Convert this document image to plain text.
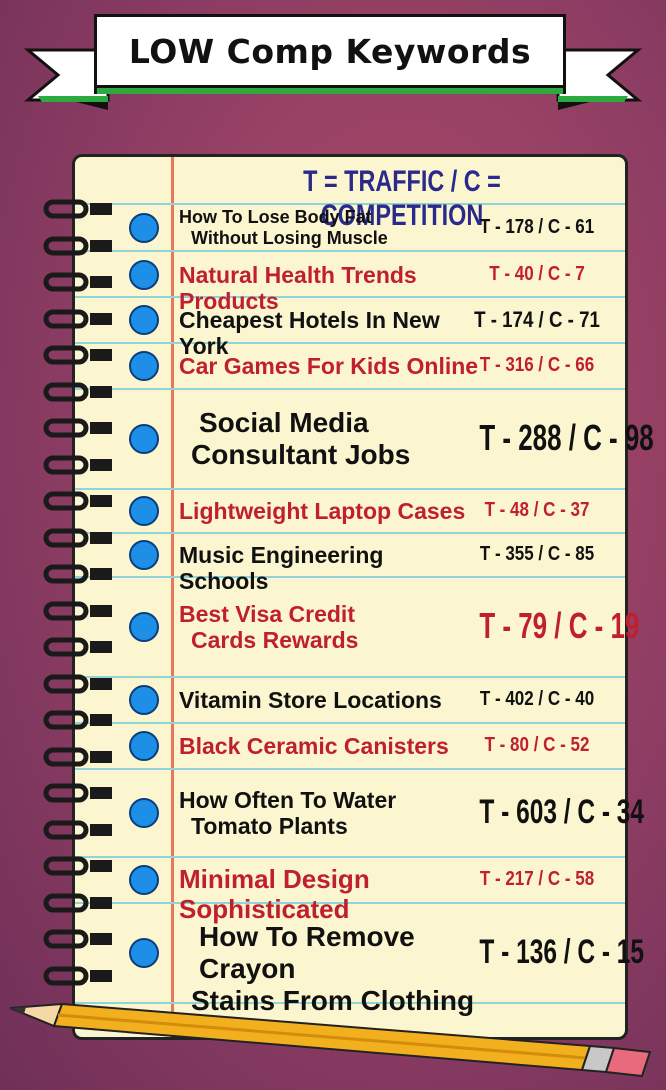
LOW Comp Keywords
T = TRAFFIC / C = COMPETITION
How To Lose Body Fat
Without Losing Muscle	T - 178 / C - 61
Natural Health Trends Products
T - 40 / C - 7
Cheapest Hotels In New York
T - 174 / C - 71
Car Games For Kids Online T - 316 / C - 66
Social Media
Consultant Jobs	T - 288 / C - 98
Lightweight Laptop Cases T - 48 / C - 37
Music Engineering Schools
T - 355 / C - 85
Best Visa Credit
Cards Rewards	T - 79 / C - 19
Vitamin Store Locations	T - 402 / C - 40
Black Ceramic Canisters	T - 80 / C - 52
How Often To Water
Tomato Plants	T - 603 / C - 34
Minimal Design Sophisticated
T - 217 / C - 58
How To Remove Crayon
Stains From Clothing
T - 136 / C - 15
